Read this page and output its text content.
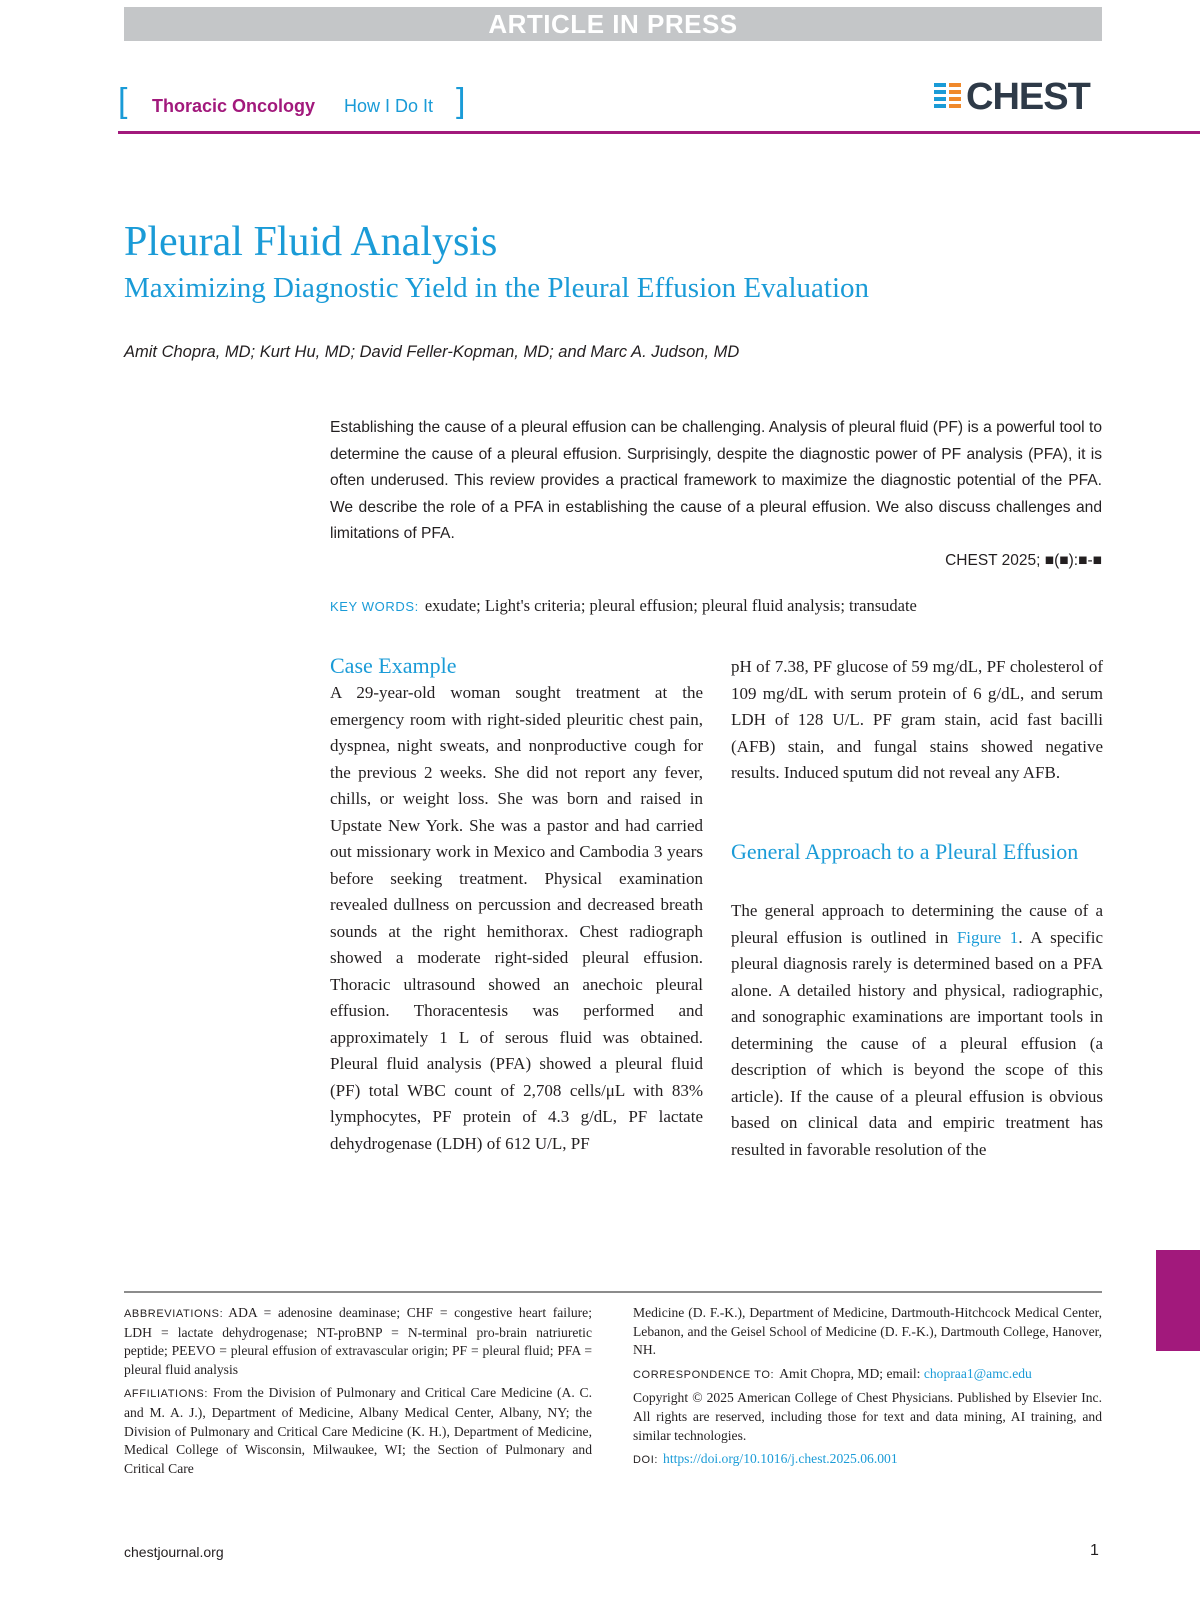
ARTICLE IN PRESS
[ Thoracic Oncology How I Do It ]	CHEST
Pleural Fluid Analysis
Maximizing Diagnostic Yield in the Pleural Effusion Evaluation
Amit Chopra, MD; Kurt Hu, MD; David Feller-Kopman, MD; and Marc A. Judson, MD
Establishing the cause of a pleural effusion can be challenging. Analysis of pleural fluid (PF) is a powerful tool to determine the cause of a pleural effusion. Surprisingly, despite the diagnostic power of PF analysis (PFA), it is often underused. This review provides a practical framework to maximize the diagnostic potential of the PFA. We describe the role of a PFA in establishing the cause of a pleural effusion. We also discuss challenges and limitations of PFA.
CHEST 2025; ■(■):■-■
KEY WORDS: exudate; Light's criteria; pleural effusion; pleural fluid analysis; transudate
Case Example
A 29-year-old woman sought treatment at the emergency room with right-sided pleuritic chest pain, dyspnea, night sweats, and nonproductive cough for the previous 2 weeks. She did not report any fever, chills, or weight loss. She was born and raised in Upstate New York. She was a pastor and had carried out missionary work in Mexico and Cambodia 3 years before seeking treatment. Physical examination revealed dullness on percussion and decreased breath sounds at the right hemithorax. Chest radiograph showed a moderate right-sided pleural effusion. Thoracic ultrasound showed an anechoic pleural effusion. Thoracentesis was performed and approximately 1 L of serous fluid was obtained. Pleural fluid analysis (PFA) showed a pleural fluid (PF) total WBC count of 2,708 cells/μL with 83% lymphocytes, PF protein of 4.3 g/dL, PF lactate dehydrogenase (LDH) of 612 U/L, PF
pH of 7.38, PF glucose of 59 mg/dL, PF cholesterol of 109 mg/dL with serum protein of 6 g/dL, and serum LDH of 128 U/L. PF gram stain, acid fast bacilli (AFB) stain, and fungal stains showed negative results. Induced sputum did not reveal any AFB.
General Approach to a Pleural Effusion
The general approach to determining the cause of a pleural effusion is outlined in Figure 1. A specific pleural diagnosis rarely is determined based on a PFA alone. A detailed history and physical, radiographic, and sonographic examinations are important tools in determining the cause of a pleural effusion (a description of which is beyond the scope of this article). If the cause of a pleural effusion is obvious based on clinical data and empiric treatment has resulted in favorable resolution of the

ABBREVIATIONS: ADA = adenosine deaminase; CHF = congestive heart failure; LDH = lactate dehydrogenase; NT-proBNP = N-terminal pro-brain natriuretic peptide; PEEVO = pleural effusion of extravascular origin; PF = pleural fluid; PFA = pleural fluid analysis

AFFILIATIONS: From the Division of Pulmonary and Critical Care Medicine (A. C. and M. A. J.), Department of Medicine, Albany Medical Center, Albany, NY; the Division of Pulmonary and Critical Care Medicine (K. H.), Department of Medicine, Medical College of Wisconsin, Milwaukee, WI; the Section of Pulmonary and Critical Care

Medicine (D. F.-K.), Department of Medicine, Dartmouth-Hitchcock Medical Center, Lebanon, and the Geisel School of Medicine (D. F.-K.), Dartmouth College, Hanover, NH.

CORRESPONDENCE TO: Amit Chopra, MD; email: chopraa1@amc.edu

Copyright © 2025 American College of Chest Physicians. Published by Elsevier Inc. All rights are reserved, including those for text and data mining, AI training, and similar technologies.

DOI: https://doi.org/10.1016/j.chest.2025.06.001

chestjournal.org	1
